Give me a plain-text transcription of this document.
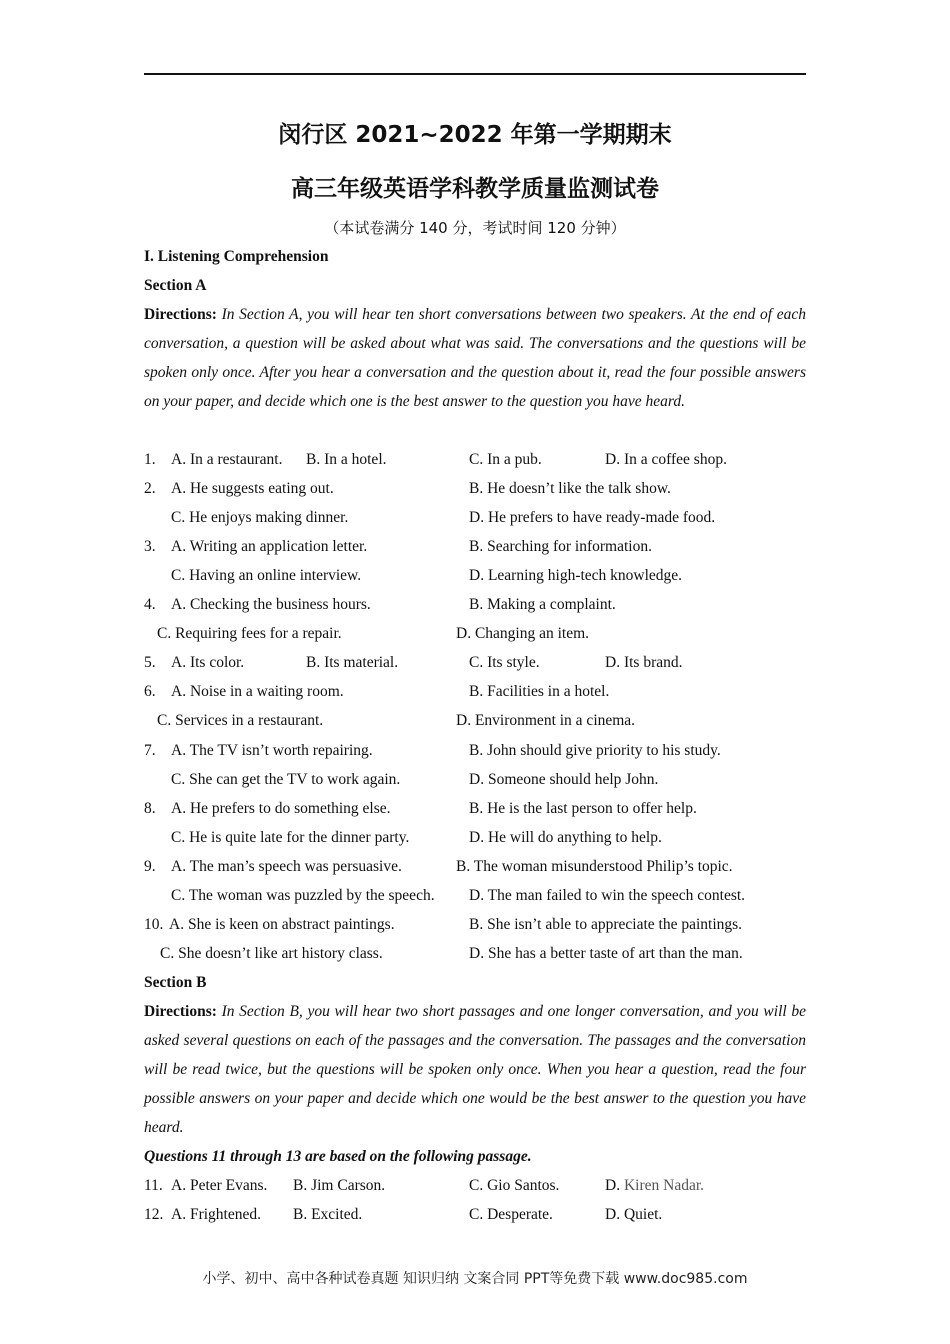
闵行区 2021~2022 年第一学期期末
高三年级英语学科教学质量监测试卷
（本试卷满分 140 分，考试时间 120 分钟）
I. Listening Comprehension
Section A
Directions: In Section A, you will hear ten short conversations between two speakers. At the end of each conversation, a question will be asked about what was said. The conversations and the questions will be spoken only once. After you hear a conversation and the question about it, read the four possible answers on your paper, and decide which one is the best answer to the question you have heard.
1. A. In a restaurant. B. In a hotel.	C. In a pub.	D. In a coffee shop.
2. A. He suggests eating out.	B. He doesn’t like the talk show.
C. He enjoys making dinner.	D. He prefers to have ready-made food.
3. A. Writing an application letter.	B. Searching for information.
C. Having an online interview.	D. Learning high-tech knowledge.
4. A. Checking the business hours.	B. Making a complaint.
C. Requiring fees for a repair.	D. Changing an item.
5. A. Its color.	B. Its material.	C. Its style.	D. Its brand.
6. A. Noise in a waiting room.	B. Facilities in a hotel.
C. Services in a restaurant.	D. Environment in a cinema.
7. A. The TV isn’t worth repairing.	B. John should give priority to his study.
C. She can get the TV to work again.	D. Someone should help John.
8. A. He prefers to do something else.	B. He is the last person to offer help.
C. He is quite late for the dinner party.	D. He will do anything to help.
9. A. The man’s speech was persuasive.	B. The woman misunderstood Philip’s topic.
C. The woman was puzzled by the speech. D. The man failed to win the speech contest.
10. A. She is keen on abstract paintings.	B. She isn’t able to appreciate the paintings.
C. She doesn’t like art history class.	D. She has a better taste of art than the man.
Section B
Directions: In Section B, you will hear two short passages and one longer conversation, and you will be asked several questions on each of the passages and the conversation. The passages and the conversation will be read twice, but the questions will be spoken only once. When you hear a question, read the four possible answers on your paper and decide which one would be the best answer to the question you have heard.
Questions 11 through 13 are based on the following passage.
11. A. Peter Evans. B. Jim Carson.	C. Gio Santos.	D. Kiren Nadar.
12. A. Frightened. B. Excited.	C. Desperate.	D. Quiet.
小学、初中、高中各种试卷真题 知识归纳 文案合同 PPT等免费下载 www.doc985.com
